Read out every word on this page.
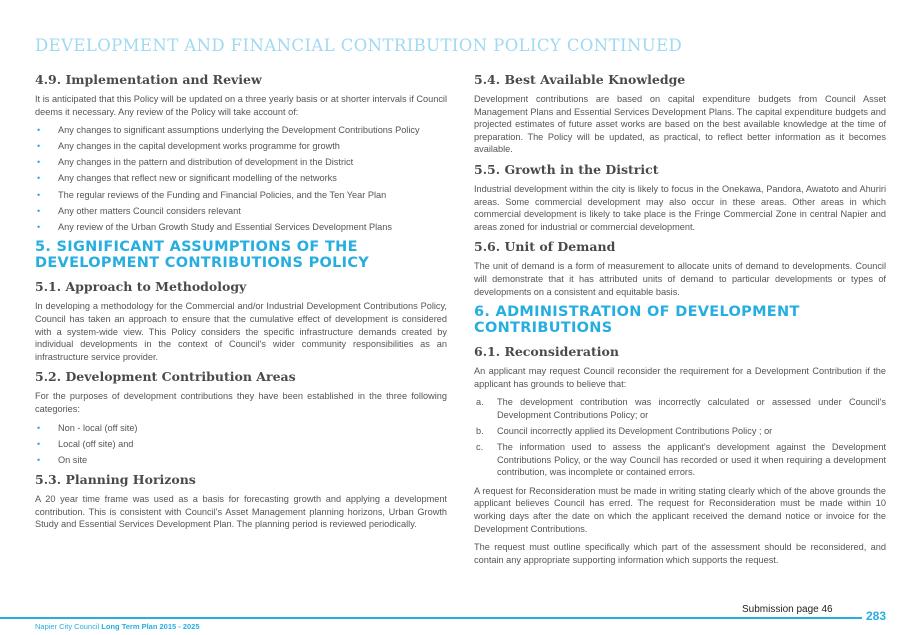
DEVELOPMENT AND FINANCIAL CONTRIBUTION POLICY CONTINUED
4.9. Implementation and Review

It is anticipated that this Policy will be updated on a three yearly basis or at shorter intervals if Council deems it necessary. Any review of the Policy will take account of:

• Any changes to significant assumptions underlying the Development Contributions Policy
• Any changes in the capital development works programme for growth
• Any changes in the pattern and distribution of development in the District
• Any changes that reflect new or significant modelling of the networks
• The regular reviews of the Funding and Financial Policies, and the Ten Year Plan
• Any other matters Council considers relevant
• Any review of the Urban Growth Study and Essential Services Development Plans
5. SIGNIFICANT ASSUMPTIONS OF THE DEVELOPMENT CONTRIBUTIONS POLICY
5.1. Approach to Methodology

In developing a methodology for the Commercial and/or Industrial Development Contributions Policy, Council has taken an approach to ensure that the cumulative effect of development is considered with a system-wide view. This Policy considers the specific infrastructure demands created by individual developments in the context of Council's wider community responsibilities as an infrastructure service provider.

5.2. Development Contribution Areas

For the purposes of development contributions they have been established in the three following categories:

• Non - local (off site)
• Local (off site) and
• On site
5.3. Planning Horizons

A 20 year time frame was used as a basis for forecasting growth and applying a development contribution. This is consistent with Council's Asset Management planning horizons, Urban Growth Study and Essential Services Development Plan. The planning period is reviewed periodically.

5.4. Best Available Knowledge

Development contributions are based on capital expenditure budgets from Council Asset Management Plans and Essential Services Development Plans. The capital expenditure budgets and projected estimates of future asset works are based on the best available knowledge at the time of preparation. The Policy will be updated, as practical, to reflect better information as it becomes available.

5.5. Growth in the District

Industrial development within the city is likely to focus in the Onekawa, Pandora, Awatoto and Ahuriri areas. Some commercial development may also occur in these areas. Other areas in which commercial development is likely to take place is the Fringe Commercial Zone in central Napier and areas zoned for industrial or commercial development.

5.6. Unit of Demand

The unit of demand is a form of measurement to allocate units of demand to developments. Council will demonstrate that it has attributed units of demand to particular developments or types of developments on a consistent and equitable basis.

6. ADMINISTRATION OF DEVELOPMENT CONTRIBUTIONS
6.1. Reconsideration

An applicant may request Council reconsider the requirement for a Development Contribution if the applicant has grounds to believe that:

a. The development contribution was incorrectly calculated or assessed under Council's Development Contributions Policy; or
b. Council incorrectly applied its Development Contributions Policy ; or
c. The information used to assess the applicant's development against the Development Contributions Policy, or the way Council has recorded or used it when requiring a development contribution, was incomplete or contained errors.

A request for Reconsideration must be made in writing stating clearly which of the above grounds the applicant believes Council has erred. The request for Reconsideration must be made within 10 working days after the date on which the applicant received the demand notice or invoice for the Development Contributions.

The request must outline specifically which part of the assessment should be reconsidered, and contain any appropriate supporting information which supports the request.

Submission page 46	283
Napier City Council Long Term Plan 2015 - 2025
